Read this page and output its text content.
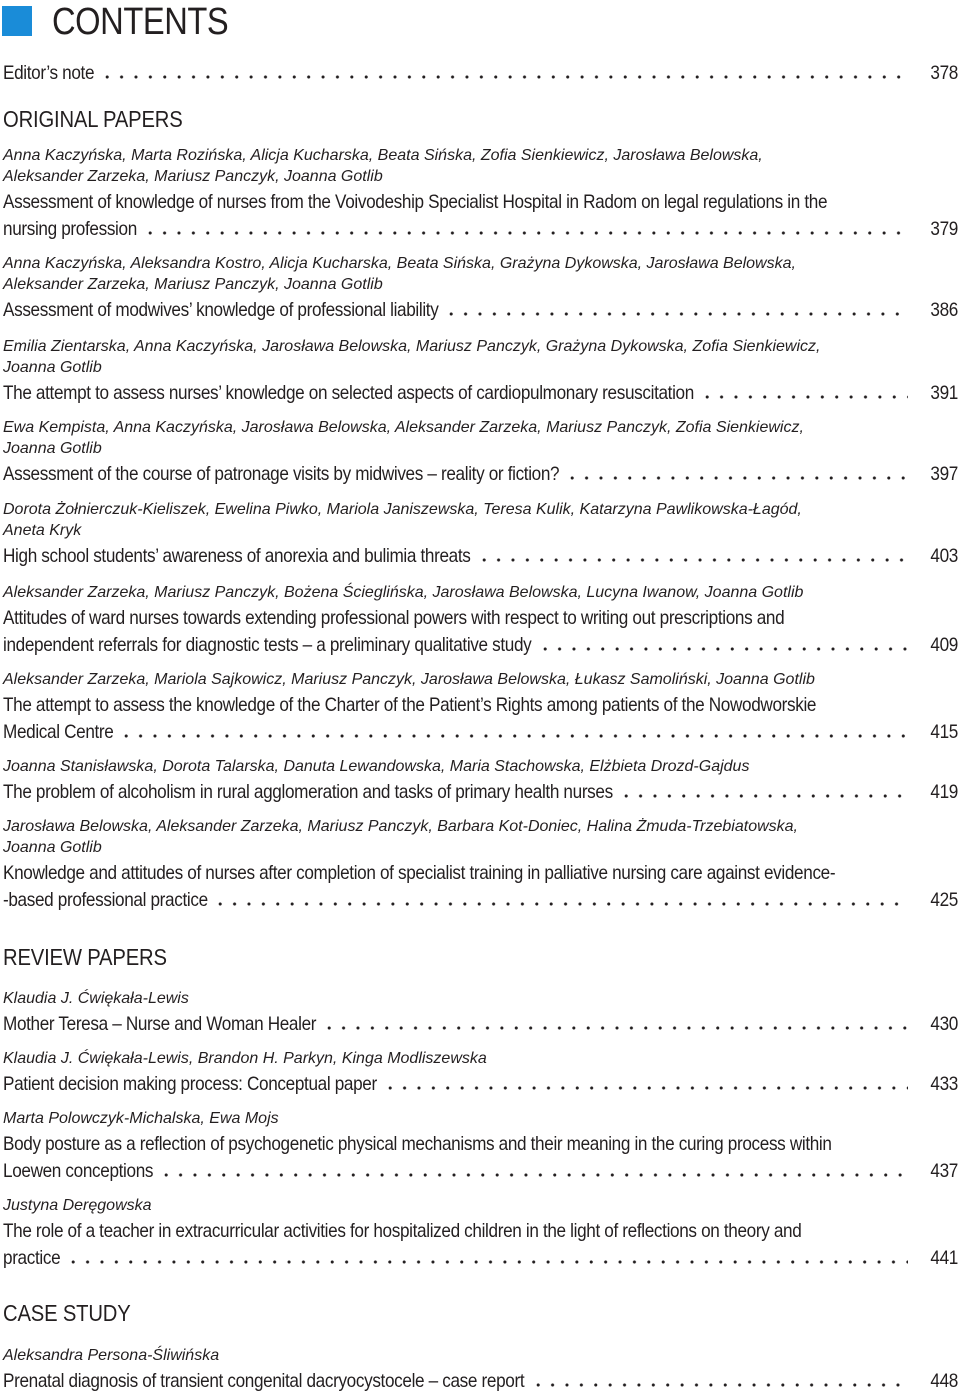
CONTENTS
Editor’s note	378
ORIGINAL PAPERS
Anna Kaczyńska, Marta Rozińska, Alicja Kucharska, Beata Sińska, Zofia Sienkiewicz, Jarosława Belowska,
Aleksander Zarzeka, Mariusz Panczyk, Joanna Gotlib
Assessment of knowledge of nurses from the Voivodeship Specialist Hospital in Radom on legal regulations in the
nursing profession	379
Anna Kaczyńska, Aleksandra Kostro, Alicja Kucharska, Beata Sińska, Grażyna Dykowska, Jarosława Belowska,
Aleksander Zarzeka, Mariusz Panczyk, Joanna Gotlib
Assessment of modwives’ knowledge of professional liability	386
Emilia Zientarska, Anna Kaczyńska, Jarosława Belowska, Mariusz Panczyk, Grażyna Dykowska, Zofia Sienkiewicz,
Joanna Gotlib
The attempt to assess nurses’ knowledge on selected aspects of cardiopulmonary resuscitation	391
Ewa Kempista, Anna Kaczyńska, Jarosława Belowska, Aleksander Zarzeka, Mariusz Panczyk, Zofia Sienkiewicz,
Joanna Gotlib
Assessment of the course of patronage visits by midwives – reality or fiction?	397
Dorota Żołnierczuk-Kieliszek, Ewelina Piwko, Mariola Janiszewska, Teresa Kulik, Katarzyna Pawlikowska-Łagód,
Aneta Kryk
High school students’ awareness of anorexia and bulimia threats	403
Aleksander Zarzeka, Mariusz Panczyk, Bożena Ścieglińska, Jarosława Belowska, Lucyna Iwanow, Joanna Gotlib
Attitudes of ward nurses towards extending professional powers with respect to writing out prescriptions and
independent referrals for diagnostic tests – a preliminary qualitative study	409
Aleksander Zarzeka, Mariola Sajkowicz, Mariusz Panczyk, Jarosława Belowska, Łukasz Samoliński, Joanna Gotlib
The attempt to assess the knowledge of the Charter of the Patient’s Rights among patients of the Nowodworskie
Medical Centre	415
Joanna Stanisławska, Dorota Talarska, Danuta Lewandowska, Maria Stachowska, Elżbieta Drozd-Gajdus
The problem of alcoholism in rural agglomeration and tasks of primary health nurses	419
Jarosława Belowska, Aleksander Zarzeka, Mariusz Panczyk, Barbara Kot-Doniec, Halina Żmuda-Trzebiatowska,
Joanna Gotlib
Knowledge and attitudes of nurses after completion of specialist training in palliative nursing care against evidence-
-based professional practice	425
REVIEW PAPERS
Klaudia J. Ćwiękała-Lewis
Mother Teresa – Nurse and Woman Healer	430
Klaudia J. Ćwiękała-Lewis, Brandon H. Parkyn, Kinga Modliszewska
Patient decision making process: Conceptual paper	433
Marta Polowczyk-Michalska, Ewa Mojs
Body posture as a reflection of psychogenetic physical mechanisms and their meaning in the curing process within
Loewen conceptions	437
Justyna Deręgowska
The role of a teacher in extracurricular activities for hospitalized children in the light of reflections on theory and
practice	441
CASE STUDY
Aleksandra Persona-Śliwińska
Prenatal diagnosis of transient congenital dacryocystocele – case report	448
